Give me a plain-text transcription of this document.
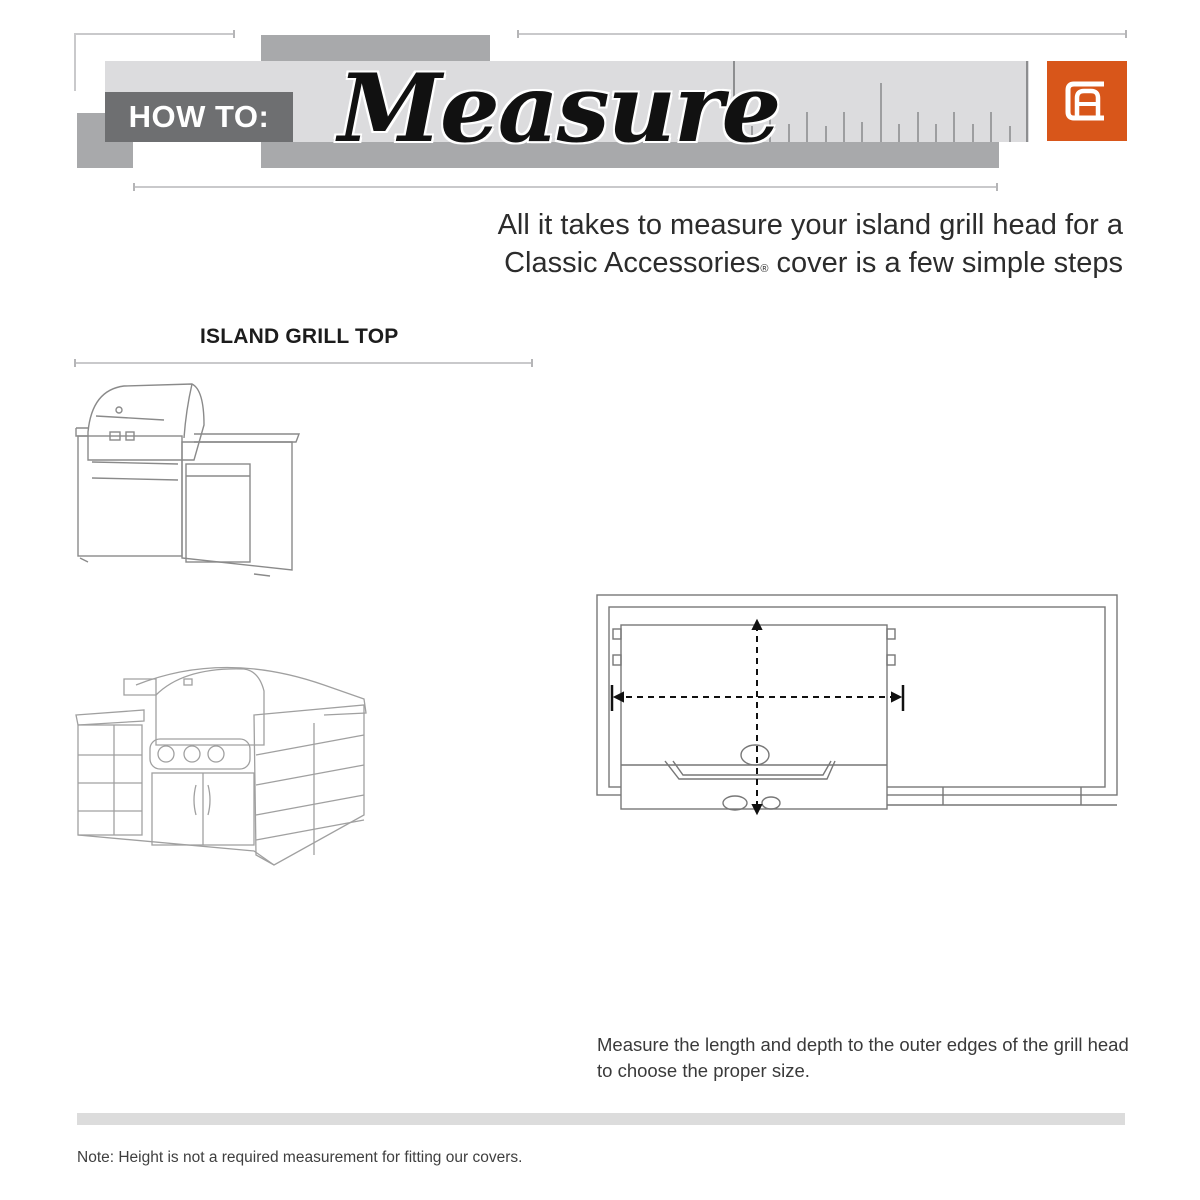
HOW TO: Measure
All it takes to measure your island grill head for a
Classic Accessories® cover is a few simple steps
ISLAND GRILL TOP
Measure the length and depth to the outer edges of the grill head to choose the proper size.
Note: Height is not a required measurement for fitting our covers.
